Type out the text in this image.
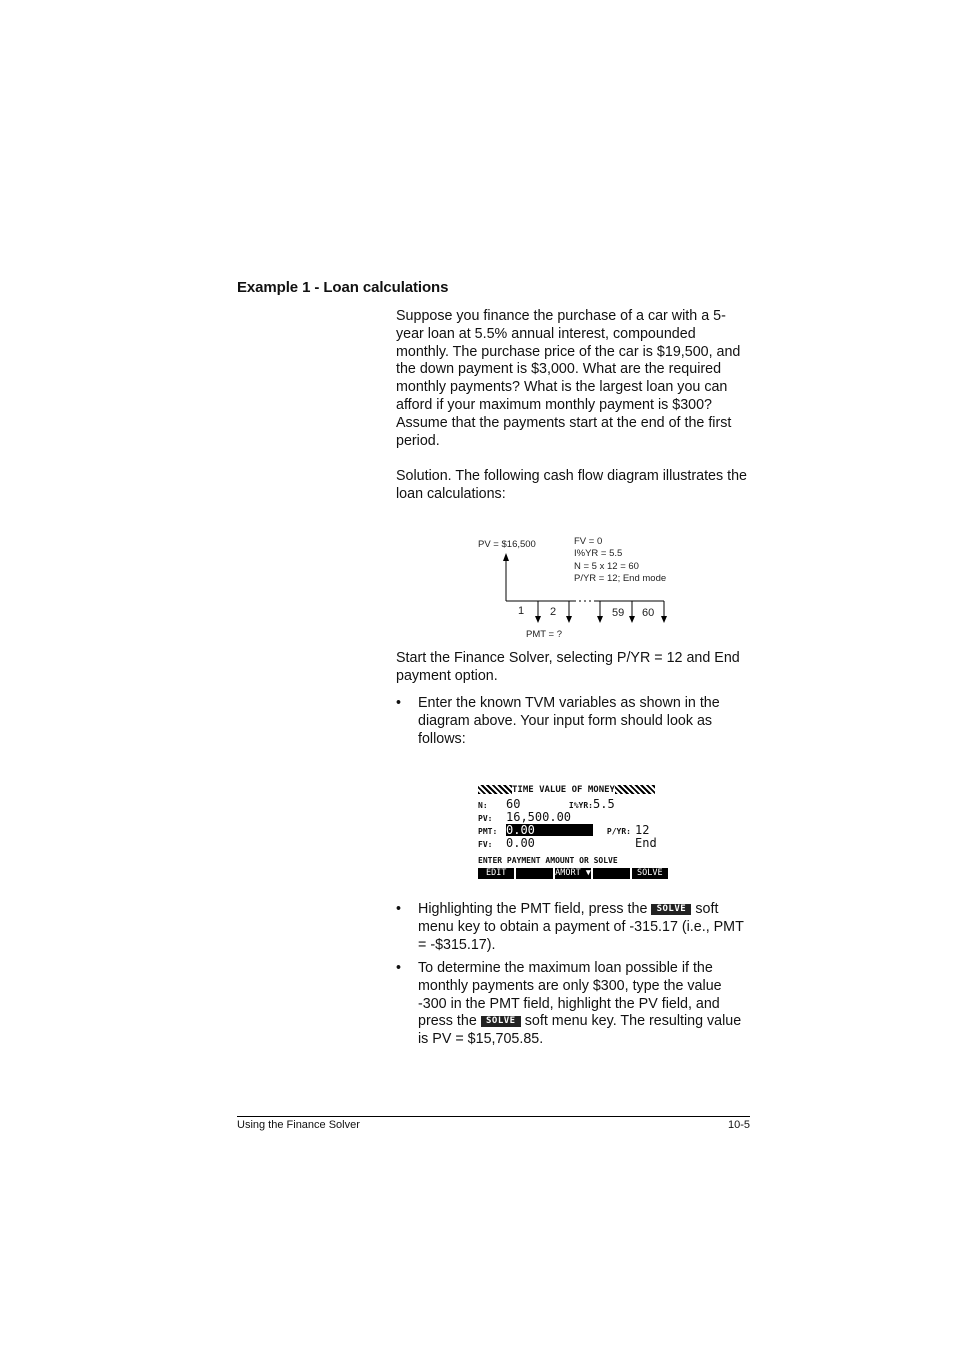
Example 1 - Loan calculations
Suppose you finance the purchase of a car with a 5-year loan at 5.5% annual interest, compounded monthly. The purchase price of the car is $19,500, and the down payment is $3,000. What are the required monthly payments? What is the largest loan you can afford if your maximum monthly payment is $300? Assume that the payments start at the end of the first period.
Solution. The following cash flow diagram illustrates the loan calculations:
PV = $16,500	FV = 0
I%YR = 5.5
N = 5 x 12 = 60
P/YR = 12; End mode
1 2	59 60
PMT = ?
Start the Finance Solver, selecting P/YR = 12 and End payment option.
• Enter the known TVM variables as shown in the diagram above. Your input form should look as follows:
TIME VALUE OF MONEY
N: 60	I%YR:5.5
PV: 16,500.00
PMT: 0.00	P/YR: 12
FV: 0.00	End
ENTER PAYMENT AMOUNT OR SOLVE
EDIT	AMORT ▼	SOLVE
• Highlighting the PMT field, press the SOLVE soft menu key to obtain a payment of -315.17 (i.e., PMT = -$315.17).
• To determine the maximum loan possible if the monthly payments are only $300, type the value -300 in the PMT field, highlight the PV field, and press the SOLVE soft menu key. The resulting value is PV = $15,705.85.
Using the Finance Solver	10-5
